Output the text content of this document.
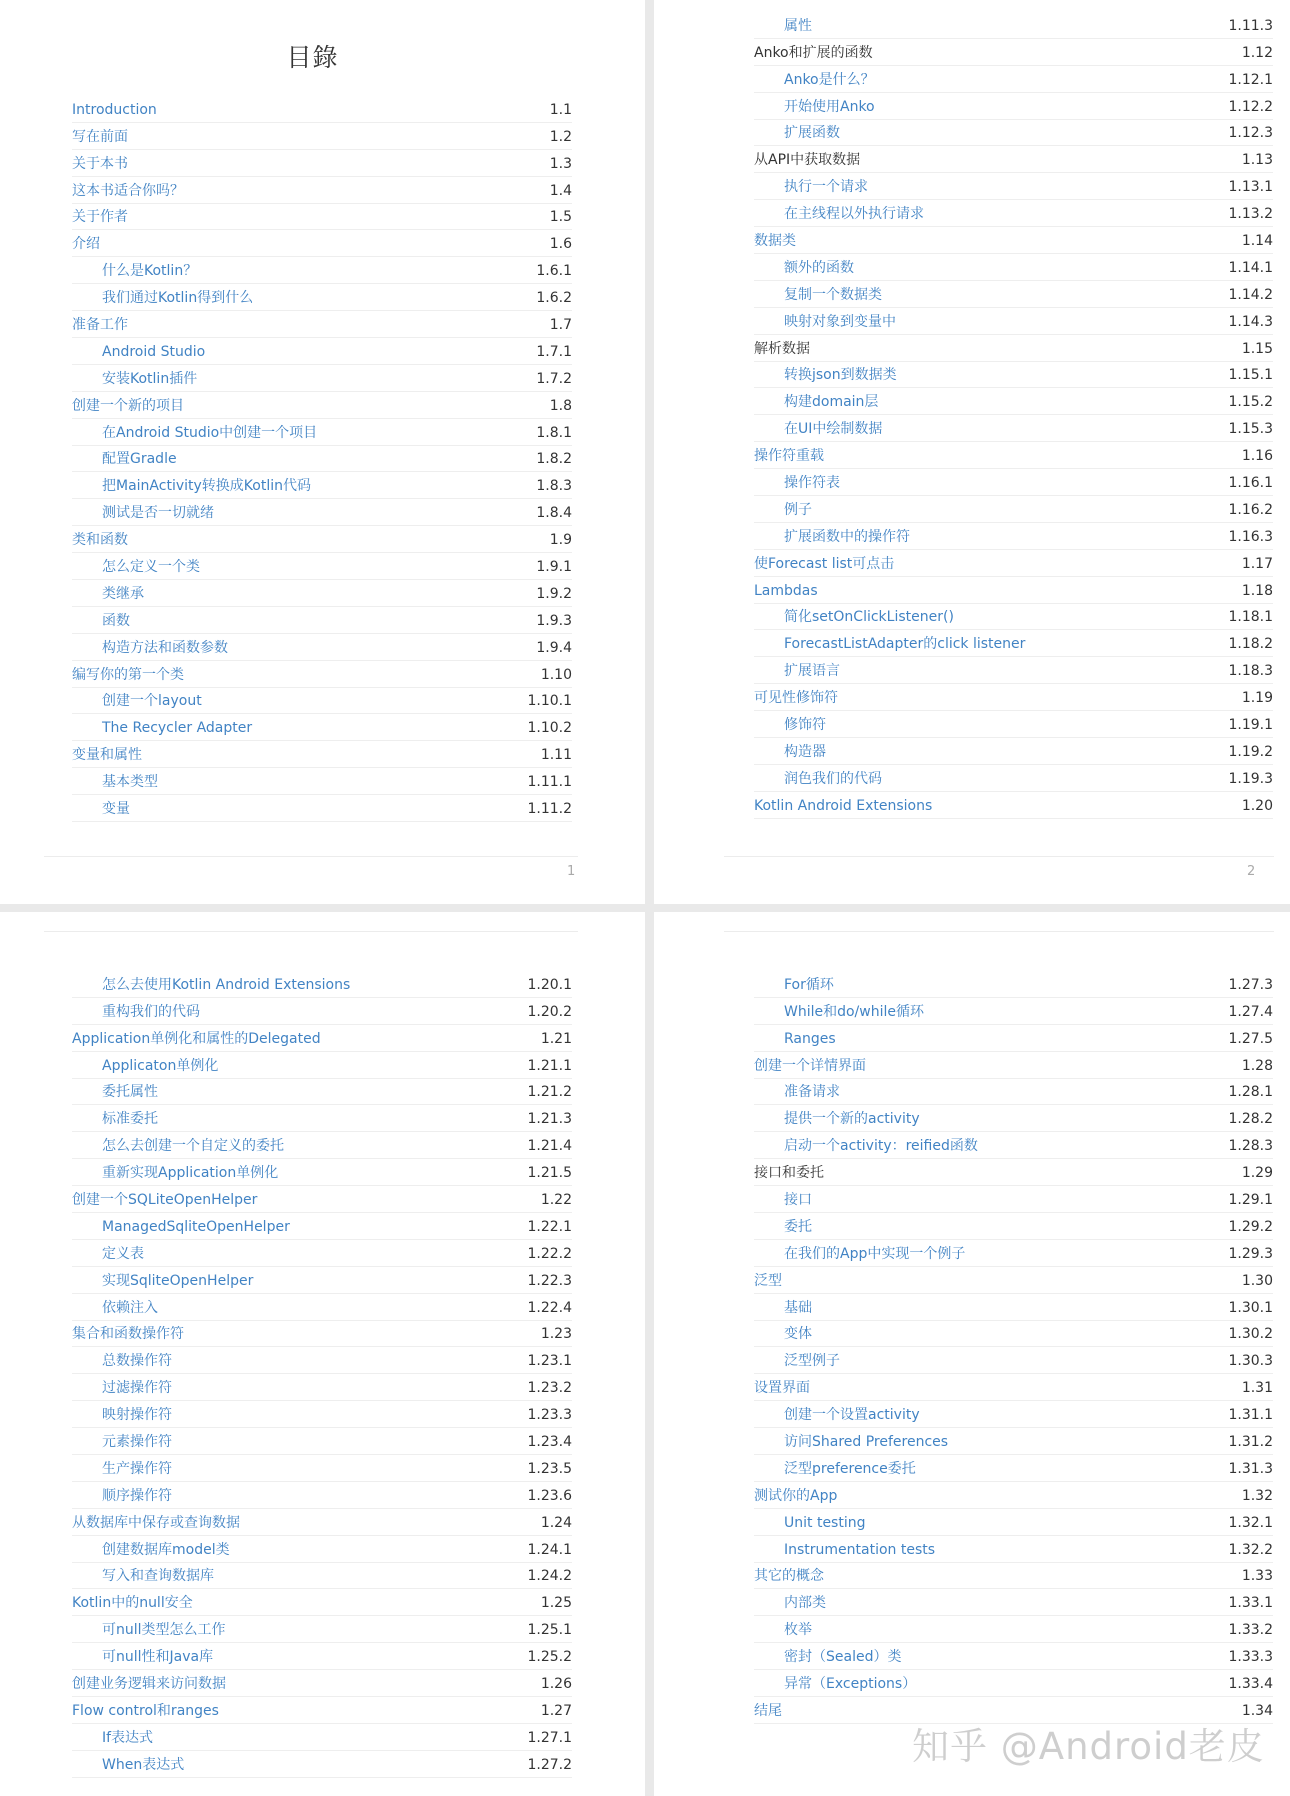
目錄
Introduction	1.1
写在前面	1.2
关于本书	1.3
这本书适合你吗？	1.4
关于作者	1.5
介绍	1.6
什么是Kotlin？	1.6.1
我们通过Kotlin得到什么	1.6.2
准备工作	1.7
Android Studio	1.7.1
安装Kotlin插件	1.7.2
创建一个新的项目	1.8
在Android Studio中创建一个项目	1.8.1
配置Gradle	1.8.2
把MainActivity转换成Kotlin代码	1.8.3
测试是否一切就绪	1.8.4
类和函数	1.9
怎么定义一个类	1.9.1
类继承	1.9.2
函数	1.9.3
构造方法和函数参数	1.9.4
编写你的第一个类	1.10
创建一个layout	1.10.1
The Recycler Adapter	1.10.2
变量和属性	1.11
基本类型	1.11.1
变量	1.11.2
1
属性	1.11.3
Anko和扩展的函数	1.12
Anko是什么？	1.12.1
开始使用Anko	1.12.2
扩展函数	1.12.3
从API中获取数据	1.13
执行一个请求	1.13.1
在主线程以外执行请求	1.13.2
数据类	1.14
额外的函数	1.14.1
复制一个数据类	1.14.2
映射对象到变量中	1.14.3
解析数据	1.15
转换json到数据类	1.15.1
构建domain层	1.15.2
在UI中绘制数据	1.15.3
操作符重载	1.16
操作符表	1.16.1
例子	1.16.2
扩展函数中的操作符	1.16.3
使Forecast list可点击	1.17
Lambdas	1.18
简化setOnClickListener()	1.18.1
ForecastListAdapter的click listener	1.18.2
扩展语言	1.18.3
可见性修饰符	1.19
修饰符	1.19.1
构造器	1.19.2
润色我们的代码	1.19.3
Kotlin Android Extensions	1.20
2
怎么去使用Kotlin Android Extensions	1.20.1
重构我们的代码	1.20.2
Application单例化和属性的Delegated	1.21
Applicaton单例化	1.21.1
委托属性	1.21.2
标准委托	1.21.3
怎么去创建一个自定义的委托	1.21.4
重新实现Application单例化	1.21.5
创建一个SQLiteOpenHelper	1.22
ManagedSqliteOpenHelper	1.22.1
定义表	1.22.2
实现SqliteOpenHelper	1.22.3
依赖注入	1.22.4
集合和函数操作符	1.23
总数操作符	1.23.1
过滤操作符	1.23.2
映射操作符	1.23.3
元素操作符	1.23.4
生产操作符	1.23.5
顺序操作符	1.23.6
从数据库中保存或查询数据	1.24
创建数据库model类	1.24.1
写入和查询数据库	1.24.2
Kotlin中的null安全	1.25
可null类型怎么工作	1.25.1
可null性和Java库	1.25.2
创建业务逻辑来访问数据	1.26
Flow control和ranges	1.27
If表达式	1.27.1
When表达式	1.27.2
For循环	1.27.3
While和do/while循环	1.27.4
Ranges	1.27.5
创建一个详情界面	1.28
准备请求	1.28.1
提供一个新的activity	1.28.2
启动一个activity：reified函数	1.28.3
接口和委托	1.29
接口	1.29.1
委托	1.29.2
在我们的App中实现一个例子	1.29.3
泛型	1.30
基础	1.30.1
变体	1.30.2
泛型例子	1.30.3
设置界面	1.31
创建一个设置activity	1.31.1
访问Shared Preferences	1.31.2
泛型preference委托	1.31.3
测试你的App	1.32
Unit testing	1.32.1
Instrumentation tests	1.32.2
其它的概念	1.33
内部类	1.33.1
枚举	1.33.2
密封（Sealed）类	1.33.3
异常（Exceptions）	1.33.4
结尾	1.34
知乎 @Android老皮
